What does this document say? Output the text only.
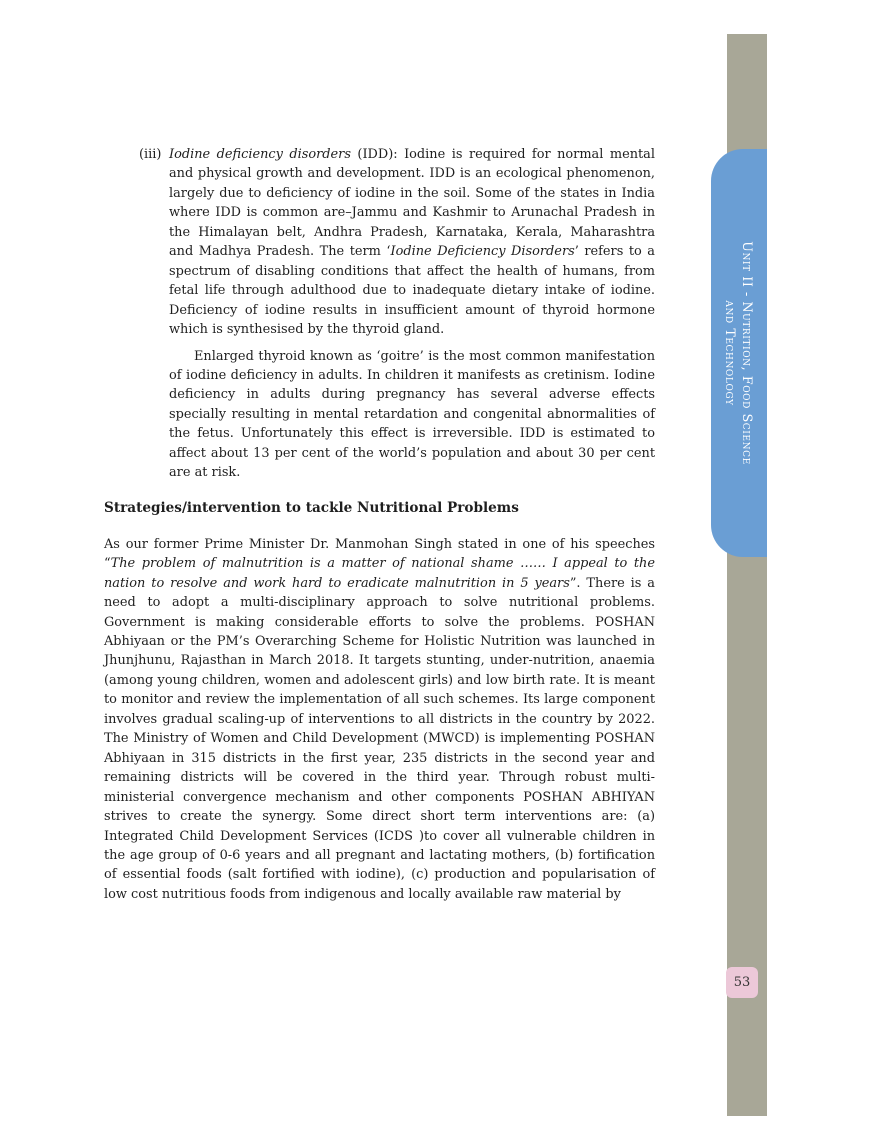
Unit II - Nutrition, Food Science
and Technology
53
(iii) Iodine deficiency disorders (IDD): Iodine is required for normal mental and physical growth and development. IDD is an ecological phenomenon, largely due to deficiency of iodine in the soil. Some of the states in India where IDD is common are–Jammu and Kashmir to Arunachal Pradesh in the Himalayan belt, Andhra Pradesh, Karnataka, Kerala, Maharashtra and Madhya Pradesh. The term ‘Iodine Deficiency Disorders’ refers to a spectrum of disabling conditions that affect the health of humans, from fetal life through adulthood due to inadequate dietary intake of iodine. Deficiency of iodine results in insufficient amount of thyroid hormone which is synthesised by the thyroid gland.

Enlarged thyroid known as ‘goitre’ is the most common manifestation of iodine deficiency in adults. In children it manifests as cretinism. Iodine deficiency in adults during pregnancy has several adverse effects specially resulting in mental retardation and congenital abnormalities of the fetus. Unfortunately this effect is irreversible. IDD is estimated to affect about 13 per cent of the world’s population and about 30 per cent are at risk.

Strategies/intervention to tackle Nutritional Problems

As our former Prime Minister Dr. Manmohan Singh stated in one of his speeches “The problem of malnutrition is a matter of national shame …… I appeal to the nation to resolve and work hard to eradicate malnutrition in 5 years”. There is a need to adopt a multi-disciplinary approach to solve nutritional problems. Government is making considerable efforts to solve the problems. POSHAN Abhiyaan or the PM’s Overarching Scheme for Holistic Nutrition was launched in Jhunjhunu, Rajasthan in March 2018. It targets stunting, under-nutrition, anaemia (among young children, women and adolescent girls) and low birth rate. It is meant to monitor and review the implementation of all such schemes. Its large component involves gradual scaling-up of interventions to all districts in the country by 2022. The Ministry of Women and Child Development (MWCD) is implementing POSHAN Abhiyaan in 315 districts in the first year, 235 districts in the second year and remaining districts will be covered in the third year. Through robust multi-ministerial convergence mechanism and other components POSHAN ABHIYAN strives to create the synergy. Some direct short term interventions are: (a) Integrated Child Development Services (ICDS )to cover all vulnerable children in the age group of 0-6 years and all pregnant and lactating mothers, (b) fortification of essential foods (salt fortified with iodine), (c) production and popularisation of low cost nutritious foods from indigenous and locally available raw material by
